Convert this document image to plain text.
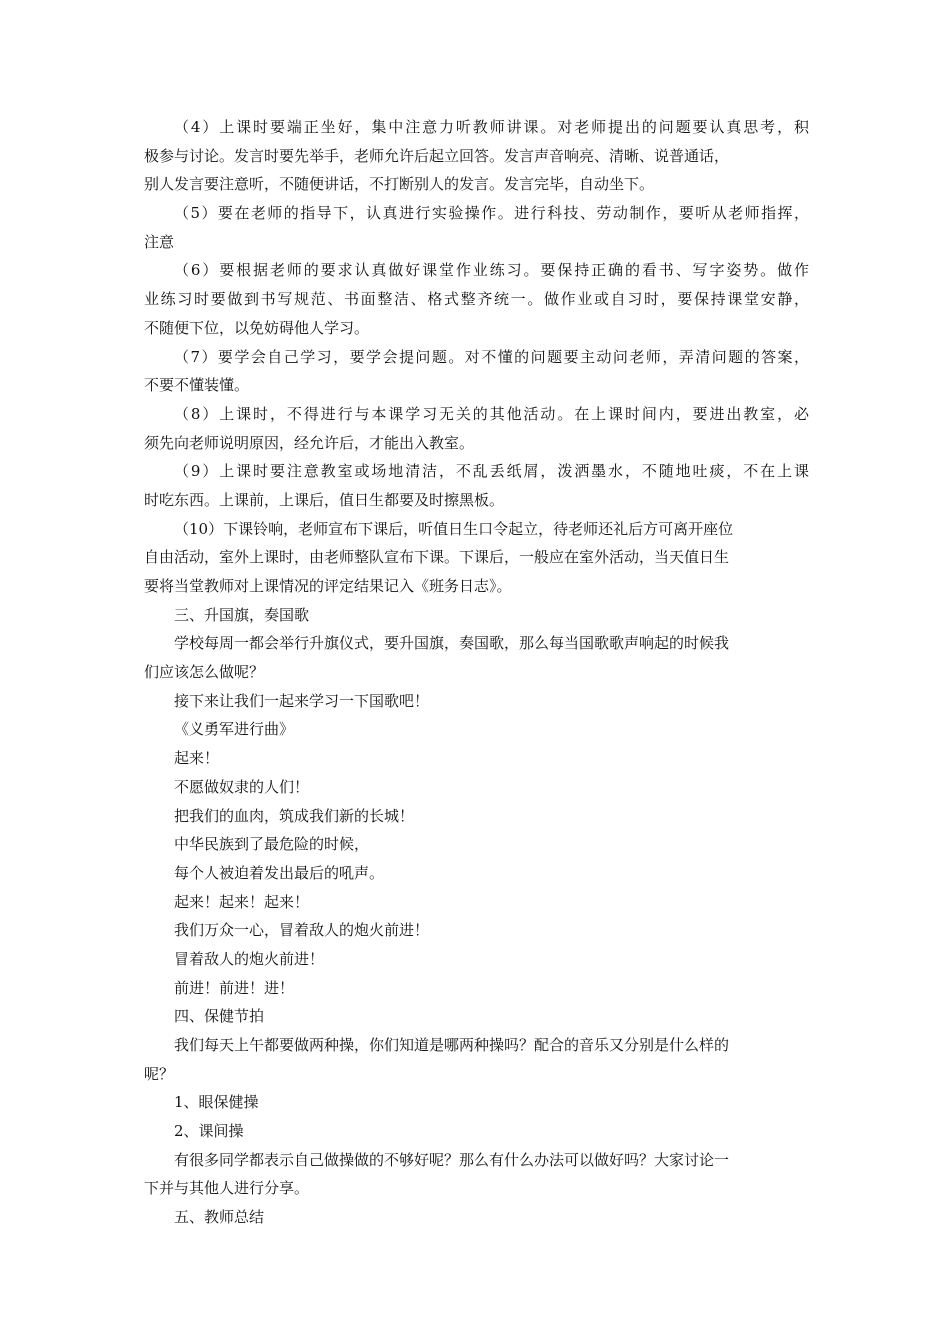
（4）上课时要端正坐好，集中注意力听教师讲课。对老师提出的问题要认真思考，积
极参与讨论。发言时要先举手，老师允许后起立回答。发言声音响亮、清晰、说普通话，
别人发言要注意听，不随便讲话，不打断别人的发言。发言完毕，自动坐下。
（5）要在老师的指导下，认真进行实验操作。进行科技、劳动制作，要听从老师指挥，
注意
（6）要根据老师的要求认真做好课堂作业练习。要保持正确的看书、写字姿势。做作
业练习时要做到书写规范、书面整洁、格式整齐统一。做作业或自习时，要保持课堂安静，
不随便下位，以免妨碍他人学习。
（7）要学会自己学习，要学会提问题。对不懂的问题要主动问老师，弄清问题的答案，
不要不懂装懂。
（8）上课时，不得进行与本课学习无关的其他活动。在上课时间内，要进出教室，必
须先向老师说明原因，经允许后，才能出入教室。
（9）上课时要注意教室或场地清洁，不乱丢纸屑，泼洒墨水，不随地吐痰，不在上课
时吃东西。上课前，上课后，值日生都要及时擦黑板。
（10）下课铃响，老师宣布下课后，听值日生口令起立，待老师还礼后方可离开座位
自由活动，室外上课时，由老师整队宣布下课。下课后，一般应在室外活动，当天值日生
要将当堂教师对上课情况的评定结果记入《班务日志》。
三、升国旗，奏国歌
学校每周一都会举行升旗仪式，要升国旗，奏国歌，那么每当国歌歌声响起的时候我
们应该怎么做呢？
接下来让我们一起来学习一下国歌吧！
《义勇军进行曲》
起来！
不愿做奴隶的人们！
把我们的血肉，筑成我们新的长城！
中华民族到了最危险的时候，
每个人被迫着发出最后的吼声。
起来！起来！起来！
我们万众一心，冒着敌人的炮火前进！
冒着敌人的炮火前进！
前进！前进！进！
四、保健节拍
我们每天上午都要做两种操，你们知道是哪两种操吗？配合的音乐又分别是什么样的
呢？
1、眼保健操
2、课间操
有很多同学都表示自己做操做的不够好呢？那么有什么办法可以做好吗？大家讨论一
下并与其他人进行分享。
五、教师总结
